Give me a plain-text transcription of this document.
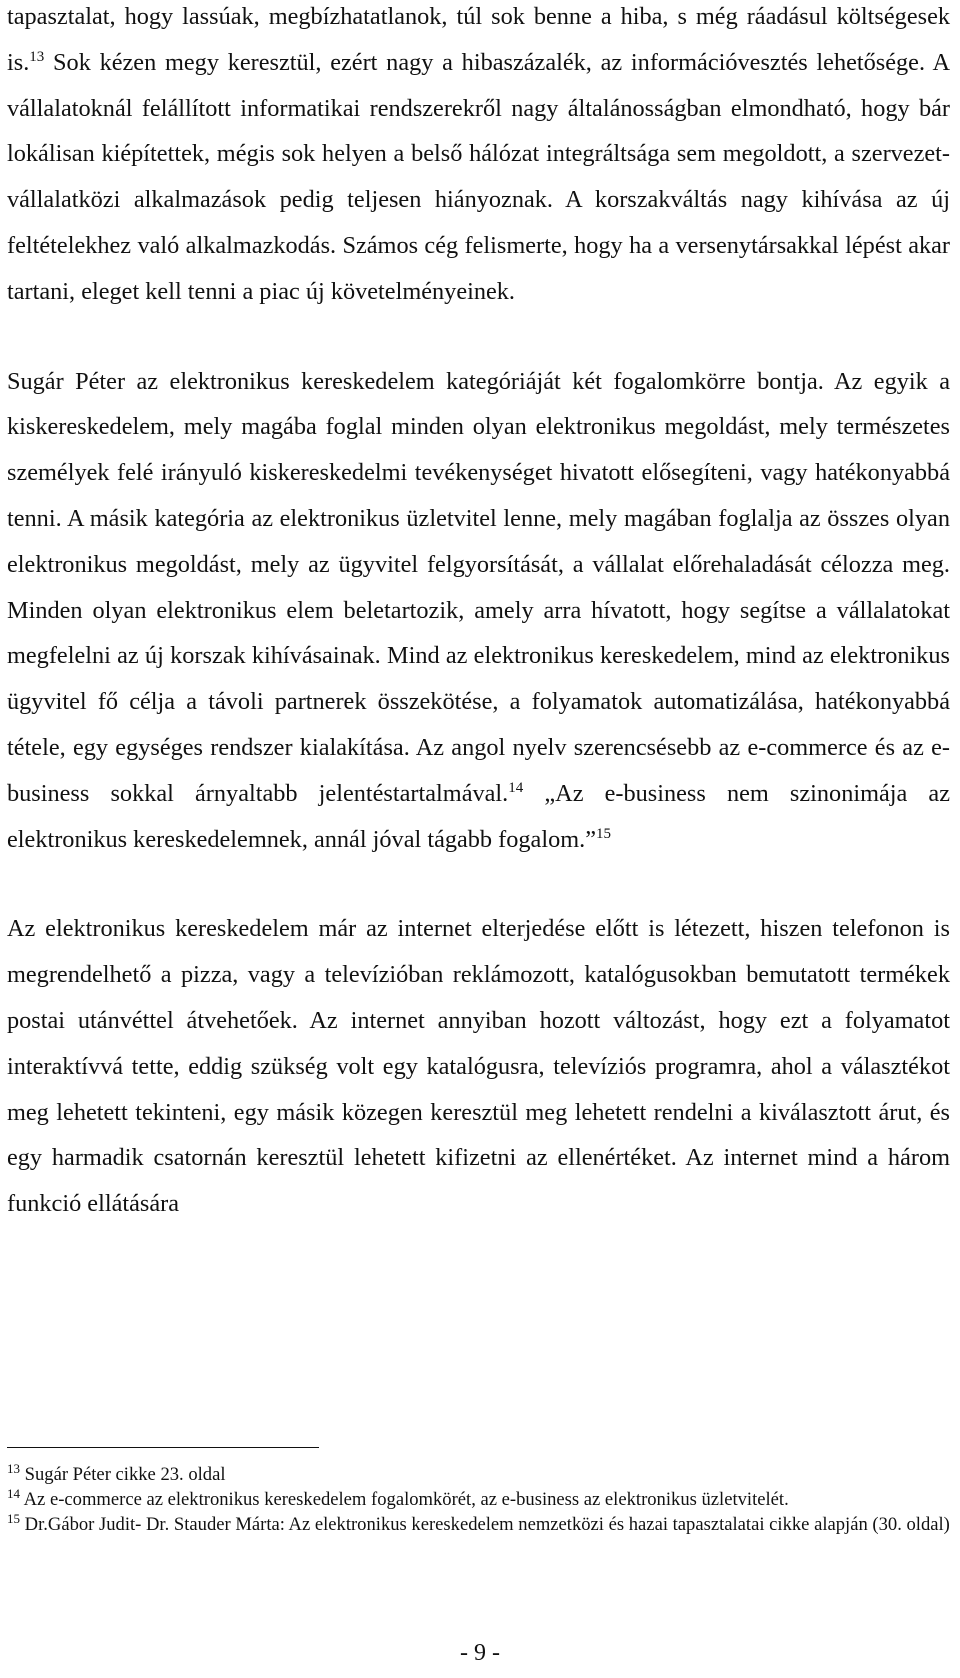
tapasztalat, hogy lassúak, megbízhatatlanok, túl sok benne a hiba, s még ráadásul költségesek is.$^{13}$ Sok kézen megy keresztül, ezért nagy a hibaszázalék, az információvesztés lehetősége. A vállalatoknál felállított informatikai rendszerekről nagy általánosságban elmondható, hogy bár lokálisan kiépítettek, mégis sok helyen a belső hálózat integráltsága sem megoldott, a szervezet-vállalatközi alkalmazások pedig teljesen hiányoznak. A korszakváltás nagy kihívása az új feltételekhez való alkalmazkodás. Számos cég felismerte, hogy ha a versenytársakkal lépést akar tartani, eleget kell tenni a piac új követelményeinek.

Sugár Péter az elektronikus kereskedelem kategóriáját két fogalomkörre bontja. Az egyik a kiskereskedelem, mely magába foglal minden olyan elektronikus megoldást, mely természetes személyek felé irányuló kiskereskedelmi tevékenységet hivatott elősegíteni, vagy hatékonyabbá tenni. A másik kategória az elektronikus üzletvitel lenne, mely magában foglalja az összes olyan elektronikus megoldást, mely az ügyvitel felgyorsítását, a vállalat előrehaladását célozza meg. Minden olyan elektronikus elem beletartozik, amely arra hívatott, hogy segítse a vállalatokat megfelelni az új korszak kihívásainak. Mind az elektronikus kereskedelem, mind az elektronikus ügyvitel fő célja a távoli partnerek összekötése, a folyamatok automatizálása, hatékonyabbá tétele, egy egységes rendszer kialakítása. Az angol nyelv szerencsésebb az e-commerce és az e-business sokkal árnyaltabb jelentéstartalmával.$^{14}$ „Az e-business nem szinonimája az elektronikus kereskedelemnek, annál jóval tágabb fogalom.”$^{15}$

Az elektronikus kereskedelem már az internet elterjedése előtt is létezett, hiszen telefonon is megrendelhető a pizza, vagy a televízióban reklámozott, katalógusokban bemutatott termékek postai utánvéttel átvehetőek. Az internet annyiban hozott változást, hogy ezt a folyamatot interaktívvá tette, eddig szükség volt egy katalógusra, televíziós programra, ahol a választékot meg lehetett tekinteni, egy másik közegen keresztül meg lehetett rendelni a kiválasztott árut, és egy harmadik csatornán keresztül lehetett kifizetni az ellenértéket. Az internet mind a három funkció ellátására

$^{13}$ Sugár Péter cikke 23. oldal

$^{14}$ Az e-commerce az elektronikus kereskedelem fogalomkörét, az e-business az elektronikus üzletvitelét.

$^{15}$ Dr.Gábor Judit- Dr. Stauder Márta: Az elektronikus kereskedelem nemzetközi és hazai tapasztalatai cikke alapján (30. oldal)

- 9 -
